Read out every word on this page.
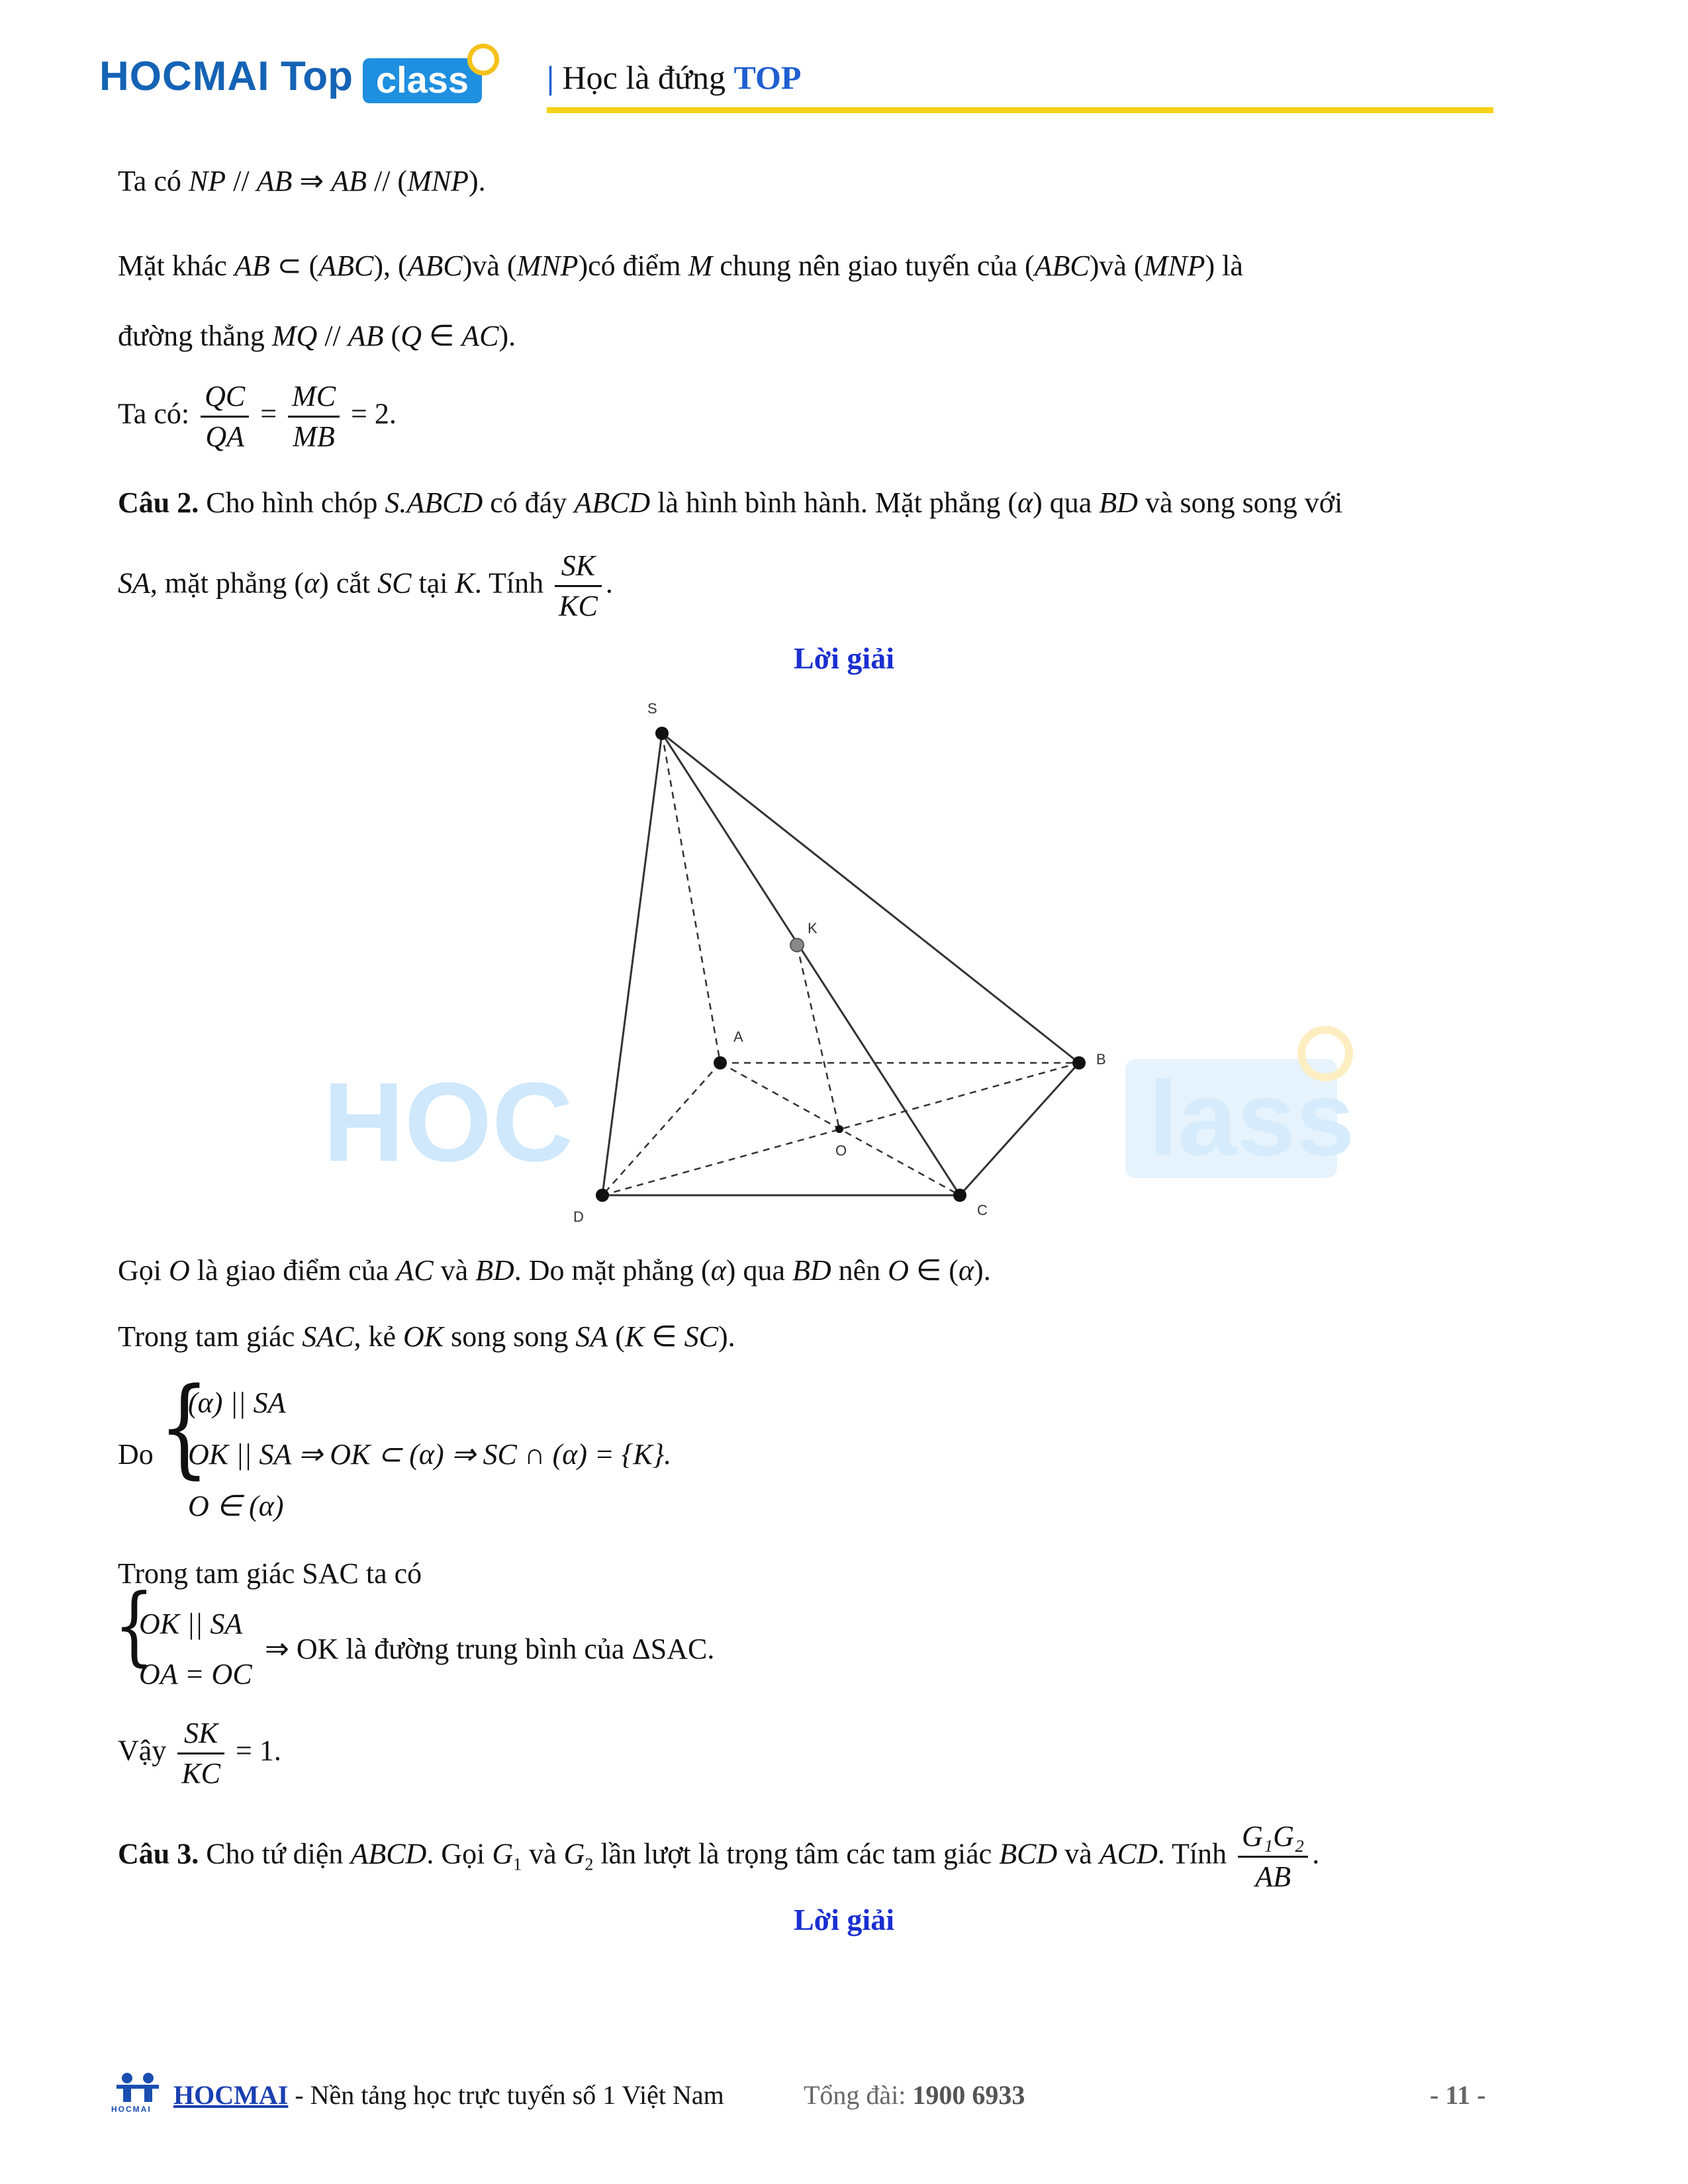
HOCMAI Top class	| Học là đứng TOP
HOC	lass
Ta có NP // AB ⇒ AB // (MNP).
Mặt khác AB ⊂ (ABC), (ABC)và (MNP)có điểm M chung nên giao tuyến của (ABC)và (MNP) là
đường thẳng MQ // AB (Q ∈ AC).
Ta có: $\frac{QC}{QA} = \frac{MC}{MB} = 2$.
Câu 2. Cho hình chóp S.ABCD có đáy ABCD là hình bình hành. Mặt phẳng (α) qua BD và song song với
SA, mặt phẳng (α) cắt SC tại K. Tính $\frac{SK}{KC}$ .
Lời giải
S
K
A
B
O
D	C
Gọi O là giao điểm của AC và BD. Do mặt phẳng (α) qua BD nên O ∈ (α).
Trong tam giác SAC, kẻ OK song song SA (K ∈ SC).
Do {
(α) || SA
OK || SA ⇒ OK ⊂ (α) ⇒ SC ∩ (α) = {K}.
O ∈ (α)
Trong tam giác SAC ta có
{
OK || SA
OA = OC
⇒ OK là đường trung bình của ΔSAC.
Vậy $\frac{SK}{KC} = 1$.
Câu 3. Cho tứ diện ABCD. Gọi $G_1$ và $G_2$ lần lượt là trọng tâm các tam giác BCD và ACD. Tính $\frac{\text{G₁G₂}}{AB}$ .
Lời giải
HOCMAI HOCMAI - Nền tảng học trực tuyến số 1 Việt Nam	Tổng đài: 1900 6933	- 11 -
